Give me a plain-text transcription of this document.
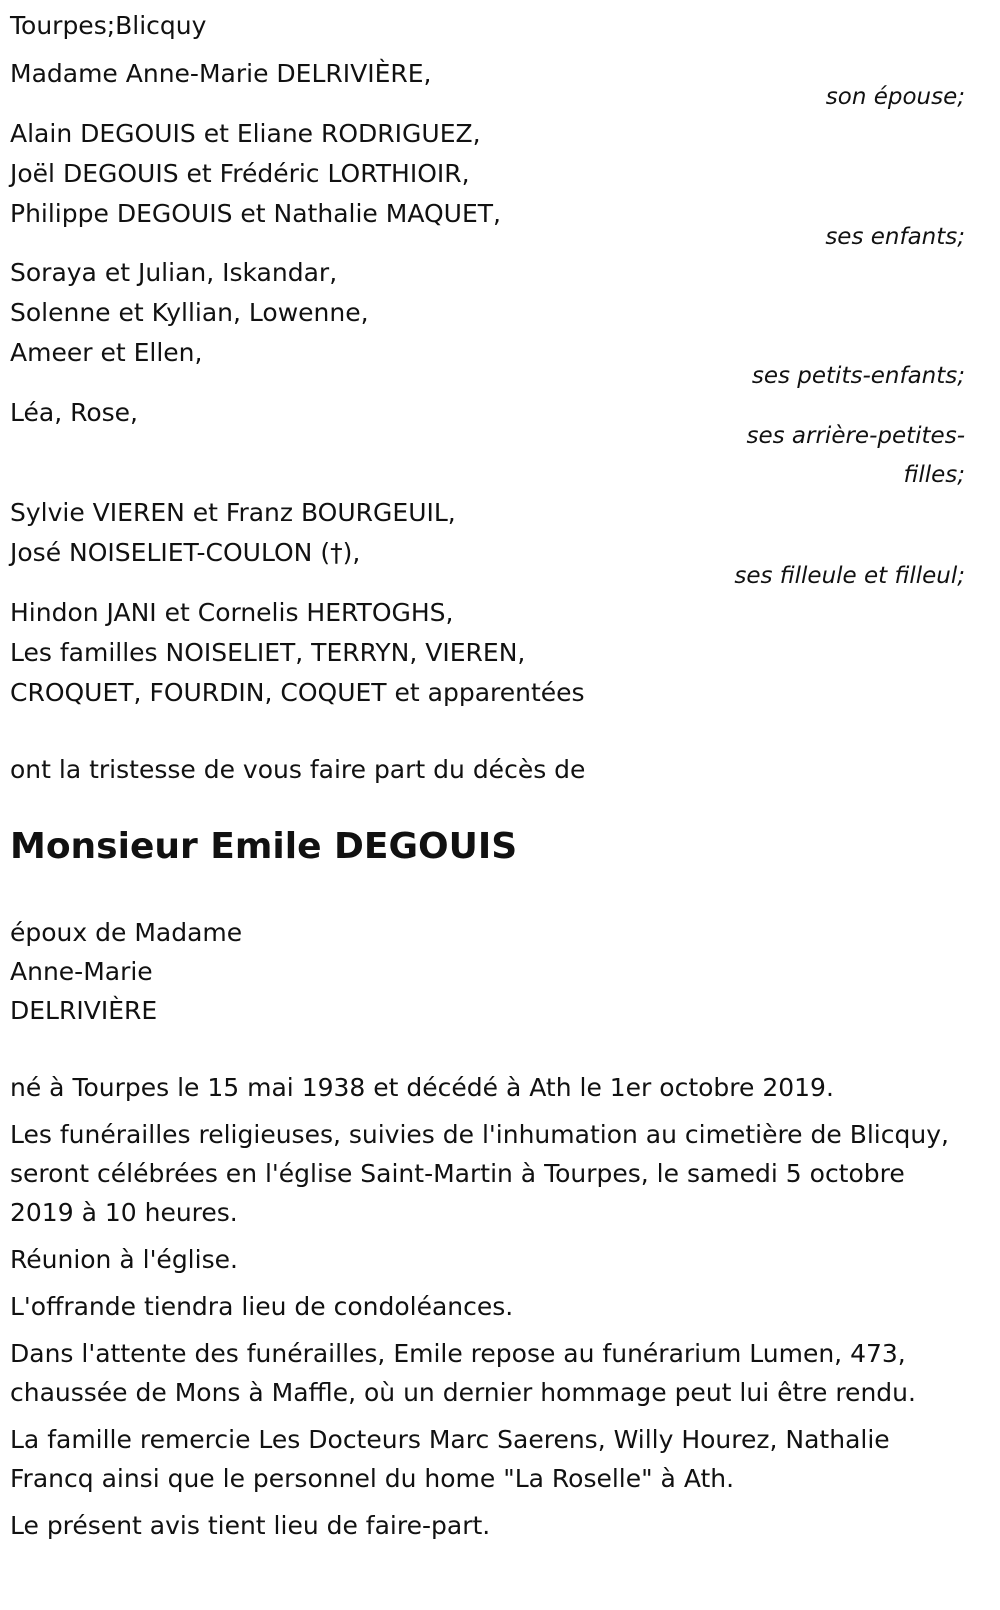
Tourpes;Blicquy
Madame Anne-Marie DELRIVIÈRE,
son épouse;
Alain DEGOUIS et Eliane RODRIGUEZ,
Joël DEGOUIS et Frédéric LORTHIOIR,
Philippe DEGOUIS et Nathalie MAQUET,
ses enfants;
Soraya et Julian, Iskandar,
Solenne et Kyllian, Lowenne,
Ameer et Ellen,
ses petits-enfants;
Léa, Rose,
ses arrière-petites-
filles;
Sylvie VIEREN et Franz BOURGEUIL,
José NOISELIET-COULON (†),
ses filleule et filleul;
Hindon JANI et Cornelis HERTOGHS,
Les familles NOISELIET, TERRYN, VIEREN,
CROQUET, FOURDIN, COQUET et apparentées
ont la tristesse de vous faire part du décès de
Monsieur Emile DEGOUIS
époux de Madame
Anne-Marie
DELRIVIÈRE
né à Tourpes le 15 mai 1938 et décédé à Ath le 1er octobre 2019.
Les funérailles religieuses, suivies de l'inhumation au cimetière de Blicquy, seront célébrées en l'église Saint-Martin à Tourpes, le samedi 5 octobre 2019 à 10 heures.
Réunion à l'église.
L'offrande tiendra lieu de condoléances.
Dans l'attente des funérailles, Emile repose au funérarium Lumen, 473, chaussée de Mons à Maffle, où un dernier hommage peut lui être rendu.
La famille remercie Les Docteurs Marc Saerens, Willy Hourez, Nathalie Francq ainsi que le personnel du home "La Roselle" à Ath.
Le présent avis tient lieu de faire-part.
